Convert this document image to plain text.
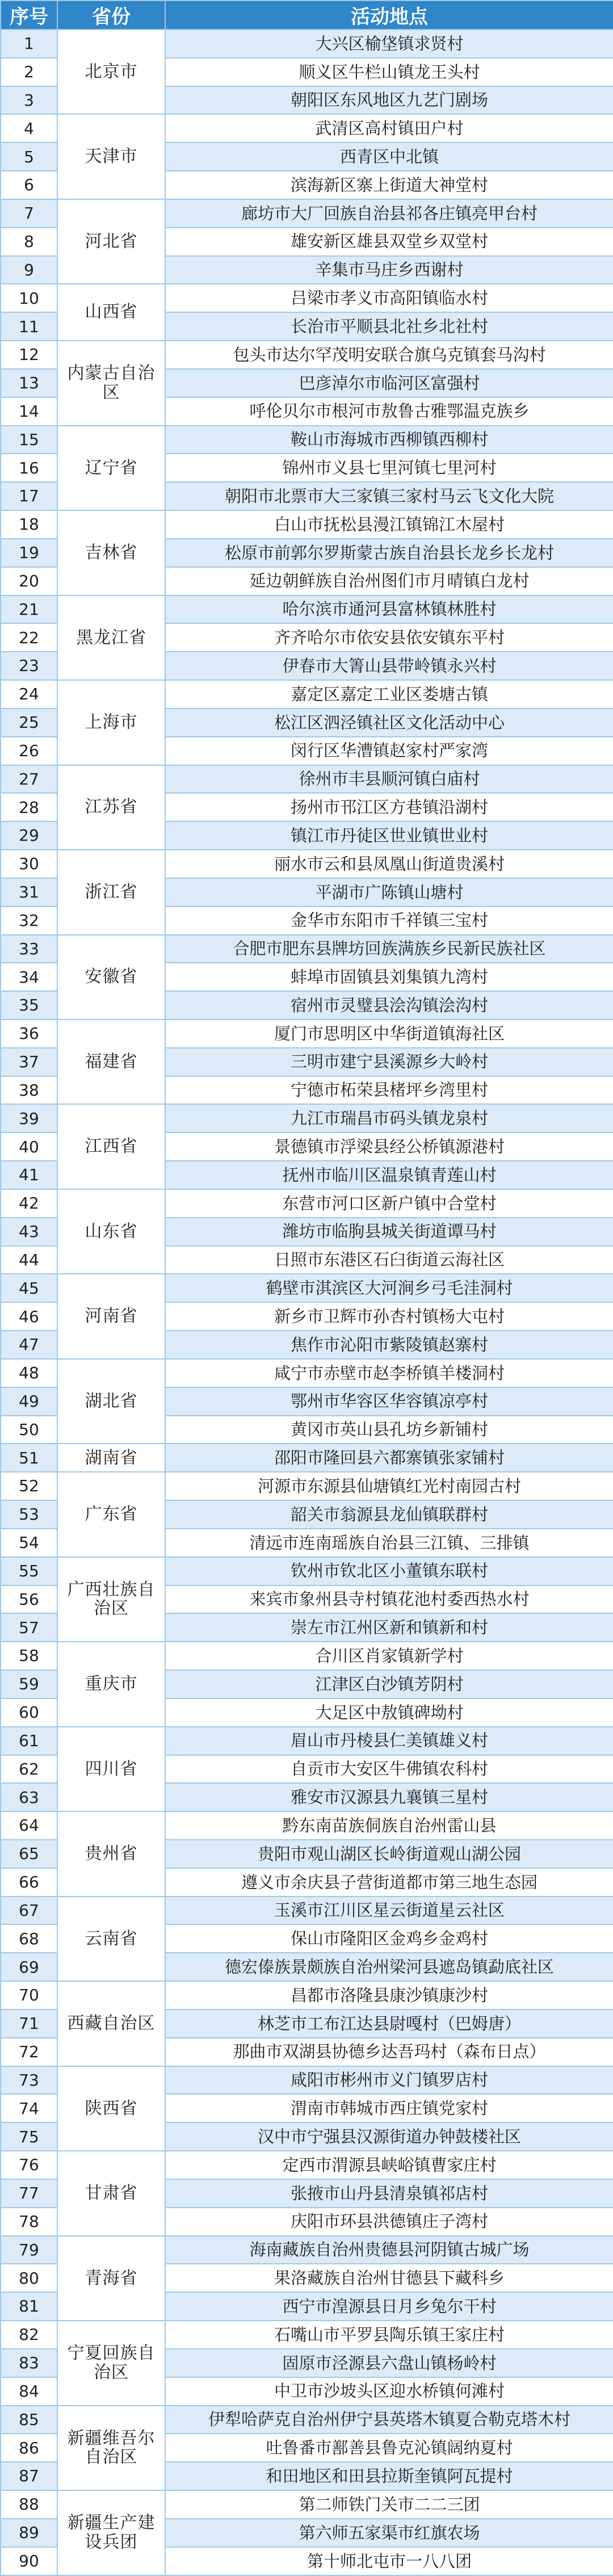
序号	省份	活动地点
1	北京市	大兴区榆垡镇求贤村
2		顺义区牛栏山镇龙王头村
3		朝阳区东风地区九艺门剧场
4	天津市	武清区高村镇田户村
5		西青区中北镇
6		滨海新区寨上街道大神堂村
7	河北省	廊坊市大厂回族自治县祁各庄镇亮甲台村
8		雄安新区雄县双堂乡双堂村
9		辛集市马庄乡西谢村
10	山西省	吕梁市孝义市高阳镇临水村
11		长治市平顺县北社乡北社村
12	内蒙古自治区	包头市达尔罕茂明安联合旗乌克镇套马沟村
13		巴彦淖尔市临河区富强村
14		呼伦贝尔市根河市敖鲁古雅鄂温克族乡
15	辽宁省	鞍山市海城市西柳镇西柳村
16		锦州市义县七里河镇七里河村
17		朝阳市北票市大三家镇三家村马云飞文化大院
18	吉林省	白山市抚松县漫江镇锦江木屋村
19		松原市前郭尔罗斯蒙古族自治县长龙乡长龙村
20		延边朝鲜族自治州图们市月晴镇白龙村
21	黑龙江省	哈尔滨市通河县富林镇林胜村
22		齐齐哈尔市依安县依安镇东平村
23		伊春市大箐山县带岭镇永兴村
24	上海市	嘉定区嘉定工业区娄塘古镇
25		松江区泗泾镇社区文化活动中心
26		闵行区华漕镇赵家村严家湾
27	江苏省	徐州市丰县顺河镇白庙村
28		扬州市邗江区方巷镇沿湖村
29		镇江市丹徒区世业镇世业村
30	浙江省	丽水市云和县凤凰山街道贵溪村
31		平湖市广陈镇山塘村
32		金华市东阳市千祥镇三宝村
33	安徽省	合肥市肥东县牌坊回族满族乡民新民族社区
34		蚌埠市固镇县刘集镇九湾村
35		宿州市灵璧县浍沟镇浍沟村
36	福建省	厦门市思明区中华街道镇海社区
37		三明市建宁县溪源乡大岭村
38		宁德市柘荣县楮坪乡湾里村
39	江西省	九江市瑞昌市码头镇龙泉村
40		景德镇市浮梁县经公桥镇源港村
41		抚州市临川区温泉镇青莲山村
42	山东省	东营市河口区新户镇中合堂村
43		潍坊市临朐县城关街道谭马村
44		日照市东港区石臼街道云海社区
45	河南省	鹤壁市淇滨区大河涧乡弓毛洼洞村
46		新乡市卫辉市孙杏村镇杨大屯村
47		焦作市沁阳市紫陵镇赵寨村
48	湖北省	咸宁市赤壁市赵李桥镇羊楼洞村
49		鄂州市华容区华容镇凉亭村
50		黄冈市英山县孔坊乡新铺村
51	湖南省	邵阳市隆回县六都寨镇张家铺村
52	广东省	河源市东源县仙塘镇红光村南园古村
53		韶关市翁源县龙仙镇联群村
54		清远市连南瑶族自治县三江镇、三排镇
55	广西壮族自治区	钦州市钦北区小董镇东联村
56		来宾市象州县寺村镇花池村委西热水村
57		崇左市江州区新和镇新和村
58	重庆市	合川区肖家镇新学村
59		江津区白沙镇芳阴村
60		大足区中敖镇碑坳村
61	四川省	眉山市丹棱县仁美镇雄义村
62		自贡市大安区牛佛镇农科村
63		雅安市汉源县九襄镇三星村
64	贵州省	黔东南苗族侗族自治州雷山县
65		贵阳市观山湖区长岭街道观山湖公园
66		遵义市余庆县子营街道都市第三地生态园
67	云南省	玉溪市江川区星云街道星云社区
68		保山市隆阳区金鸡乡金鸡村
69		德宏傣族景颇族自治州梁河县遮岛镇勐底社区
70	西藏自治区	昌都市洛隆县康沙镇康沙村
71		林芝市工布江达县尉嘎村（巴姆唐）
72		那曲市双湖县协德乡达吾玛村（森布日点）
73	陕西省	咸阳市彬州市义门镇罗店村
74		渭南市韩城市西庄镇党家村
75		汉中市宁强县汉源街道办钟鼓楼社区
76	甘肃省	定西市渭源县峡峪镇曹家庄村
77		张掖市山丹县清泉镇祁店村
78		庆阳市环县洪德镇庄子湾村
79	青海省	海南藏族自治州贵德县河阴镇古城广场
80		果洛藏族自治州甘德县下藏科乡
81		西宁市湟源县日月乡兔尔干村
82	宁夏回族自治区	石嘴山市平罗县陶乐镇王家庄村
83		固原市泾源县六盘山镇杨岭村
84		中卫市沙坡头区迎水桥镇何滩村
85	新疆维吾尔自治区	伊犁哈萨克自治州伊宁县英塔木镇夏合勒克塔木村
86		吐鲁番市鄯善县鲁克沁镇阔纳夏村
87		和田地区和田县拉斯奎镇阿瓦提村
88	新疆生产建设兵团	第二师铁门关市二二三团
89		第六师五家渠市红旗农场
90		第十师北屯市一八八团
